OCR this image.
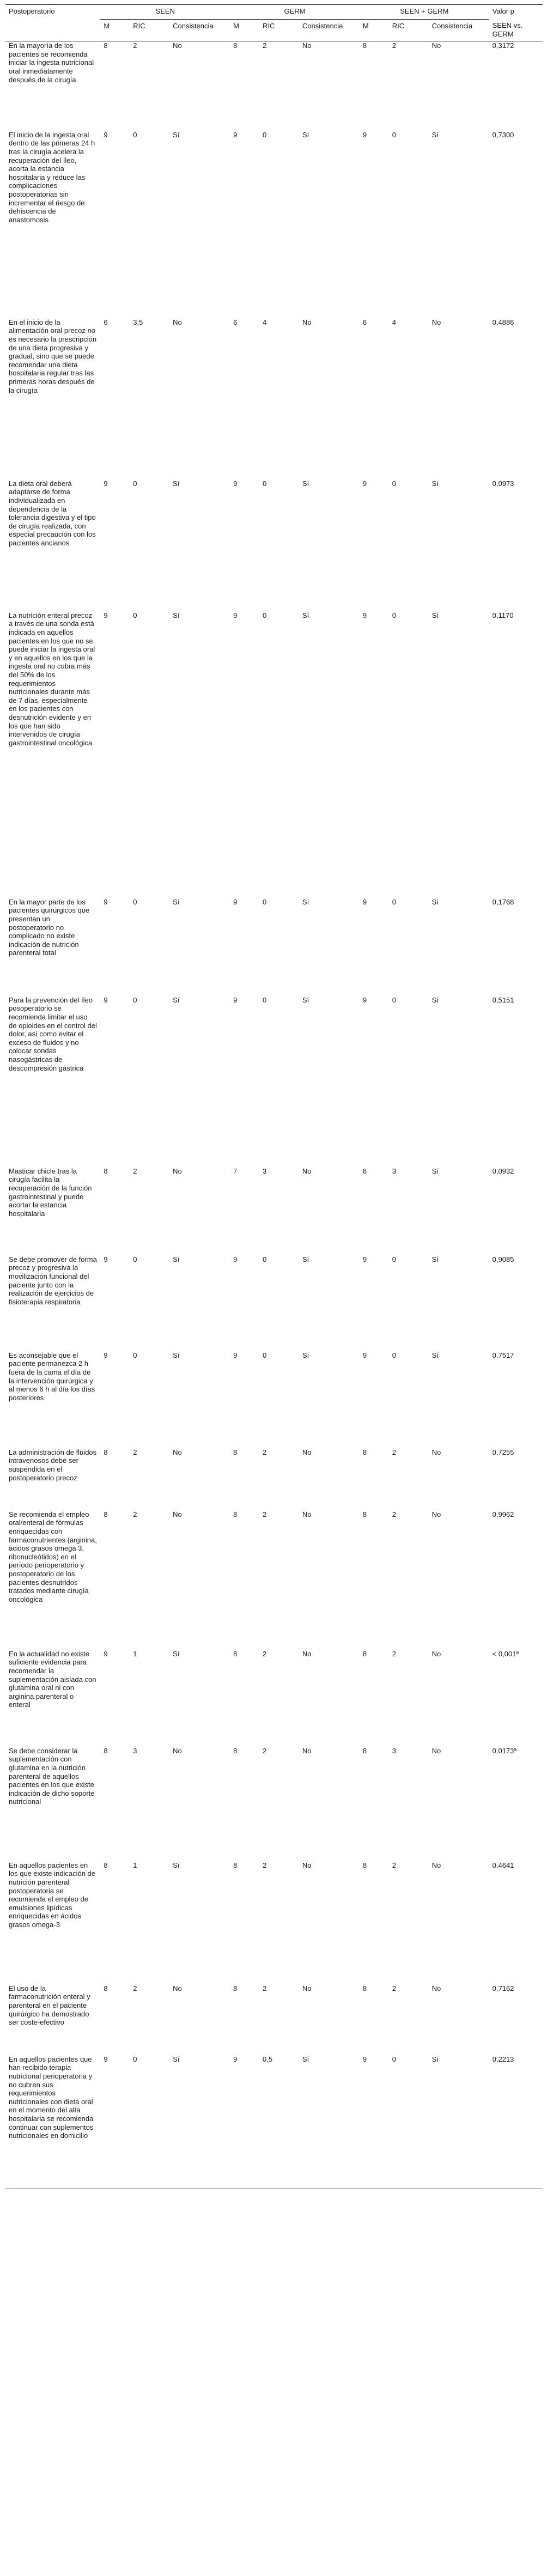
Postoperatorio	SEEN			GERM			SEEN + GERM			Valor p
	M	RIC	Consistencia	M	RIC	Consistencia	M	RIC	Consistencia	SEEN vs. GERM
En la mayoría de los pacientes se recomienda iniciar la ingesta nutricional oral inmediatamente después de la cirugía	8	2	No	8	2	No	8	2	No	0,3172
El inicio de la ingesta oral dentro de las primeras 24 h tras la cirugía acelera la recuperación del íleo, acorta la estancia hospitalaria y reduce las complicaciones postoperatorias sin incrementar el riesgo de dehiscencia de anastomosis	9	0	Sí	9	0	Sí	9	0	Sí	0,7300
En el inicio de la alimentación oral precoz no es necesario la prescripción de una dieta progresiva y gradual, sino que se puede recomendar una dieta hospitalaria regular tras las primeras horas después de la cirugía	6	3,5	No	6	4	No	6	4	No	0,4886
La dieta oral deberá adaptarse de forma individualizada en dependencia de la tolerancia digestiva y el tipo de cirugía realizada, con especial precaución con los pacientes ancianos	9	0	Sí	9	0	Sí	9	0	Sí	0,0973
La nutrición enteral precoz a través de una sonda está indicada en aquellos pacientes en los que no se puede iniciar la ingesta oral y en aquellos en los que la ingesta oral no cubra más del 50% de los requerimientos nutricionales durante más de 7 días, especialmente en los pacientes con desnutrición evidente y en los que han sido intervenidos de cirugía gastrointestinal oncológica	9	0	Sí	9	0	Sí	9	0	Sí	0,1170
En la mayor parte de los pacientes quirúrgicos que presentan un postoperatorio no complicado no existe indicación de nutrición parenteral total	9	0	Sí	9	0	Sí	9	0	Sí	0,1768
Para la prevención del íleo posoperatorio se recomienda limitar el uso de opioides en el control del dolor, así como evitar el exceso de fluidos y no colocar sondas nasogástricas de descompresión gástrica	9	0	Sí	9	0	Sí	9	0	Sí	0,5151
Masticar chicle tras la cirugía facilita la recuperación de la función gastrointestinal y puede acortar la estancia hospitalaria	8	2	No	7	3	No	8	3	Sí	0,0932
Se debe promover de forma precoz y progresiva la movilización funcional del paciente junto con la realización de ejercicios de fisioterapia respiratoria	9	0	Sí	9	0	Sí	9	0	Sí	0,9085
Es aconsejable que el paciente permanezca 2 h fuera de la cama el día de la intervención quirúrgica y al menos 6 h al día los días posteriores	9	0	Sí	9	0	Sí	9	0	Sí	0,7517
La administración de fluidos intravenosos debe ser suspendida en el postoperatorio precoz	8	2	No	8	2	No	8	2	No	0,7255
Se recomienda el empleo oral/enteral de fórmulas enriquecidas con farmaconutrientes (arginina, ácidos grasos omega 3, ribonucleótidos) en el período perioperatorio y postoperatorio de los pacientes desnutridos tratados mediante cirugía oncológica	8	2	No	8	2	No	8	2	No	0,9962
En la actualidad no existe suficiente evidencia para recomendar la suplementación aislada con glutamina oral ni con arginina parenteral o enteral	9	1	Sí	8	2	No	8	2	No	< 0,001ª
Se debe considerar la suplementación con glutamina en la nutrición parenteral de aquellos pacientes en los que existe indicación de dicho soporte nutricional	8	3	No	8	2	No	8	3	No	0,0173ª
En aquellos pacientes en los que existe indicación de nutrición parenteral postoperatoria se recomienda el empleo de emulsiones lipídicas enriquecidas en ácidos grasos omega-3	8	1	Sí	8	2	No	8	2	No	0,4641
El uso de la farmaconutrición enteral y parenteral en el paciente quirúrgico ha demostrado ser coste-efectivo	8	2	No	8	2	No	8	2	No	0,7162
En aquellos pacientes que han recibido terapia nutricional perioperatoria y no cubren sus requerimientos nutricionales con dieta oral en el momento del alta hospitalaria se recomienda continuar con suplementos nutricionales en domicilio	9	0	Sí	9	0,5	Sí	9	0	Sí	0,2213
